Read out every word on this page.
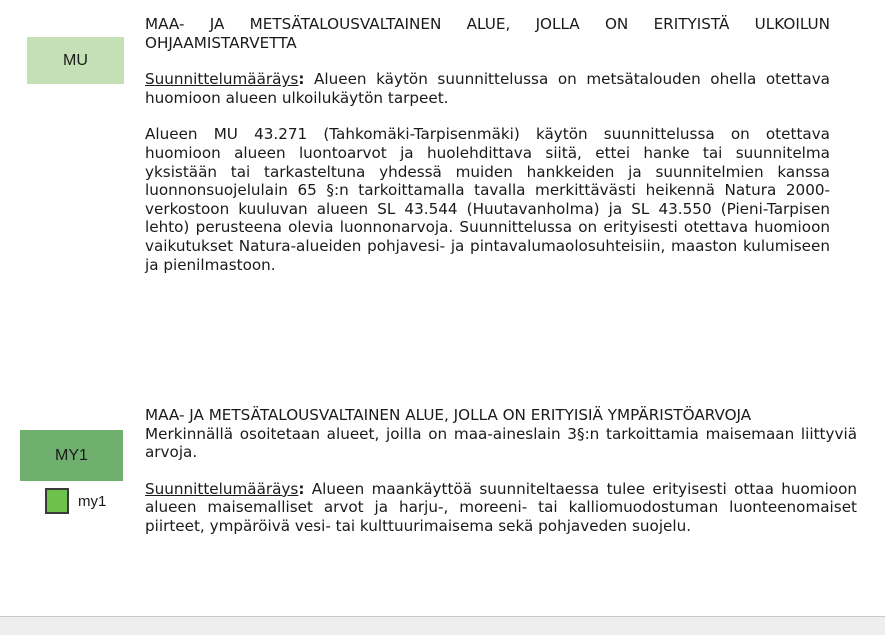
MU

MAA- JA METSÄTALOUSVALTAINEN ALUE, JOLLA ON ERITYISTÄ ULKOILUN OHJAAMISTARVETTA

Suunnittelumääräys: Alueen käytön suunnittelussa on metsätalouden ohella otettava huomioon alueen ulkoilukäytön tarpeet.

Alueen MU 43.271 (Tahkomäki-Tarpisenmäki) käytön suunnittelussa on otettava huomioon alueen luontoarvot ja huolehdittava siitä, ettei hanke tai suunnitelma yksistään tai tarkasteltuna yhdessä muiden hankkeiden ja suunnitelmien kanssa luonnonsuojelulain 65 §:n tarkoittamalla tavalla merkittävästi heikennä Natura 2000-verkostoon kuuluvan alueen SL 43.544 (Huutavanholma) ja SL 43.550 (Pieni-Tarpisen lehto) perusteena olevia luonnonarvoja. Suunnittelussa on erityisesti otettava huomioon vaikutukset Natura-alueiden pohjavesi- ja pintavalumaolosuhteisiin, maaston kulumiseen ja pienilmastoon.

MY1
my1

MAA- JA METSÄTALOUSVALTAINEN ALUE, JOLLA ON ERITYISIÄ YMPÄRISTÖARVOJA

Merkinnällä osoitetaan alueet, joilla on maa-aineslain 3§:n tarkoittamia maisemaan liittyviä arvoja.

Suunnittelumääräys: Alueen maankäyttöä suunniteltaessa tulee erityisesti ottaa huomioon alueen maisemalliset arvot ja harju-, moreeni- tai kalliomuodostuman luonteenomaiset piirteet, ympäröivä vesi- tai kulttuurimaisema sekä pohjaveden suojelu.
